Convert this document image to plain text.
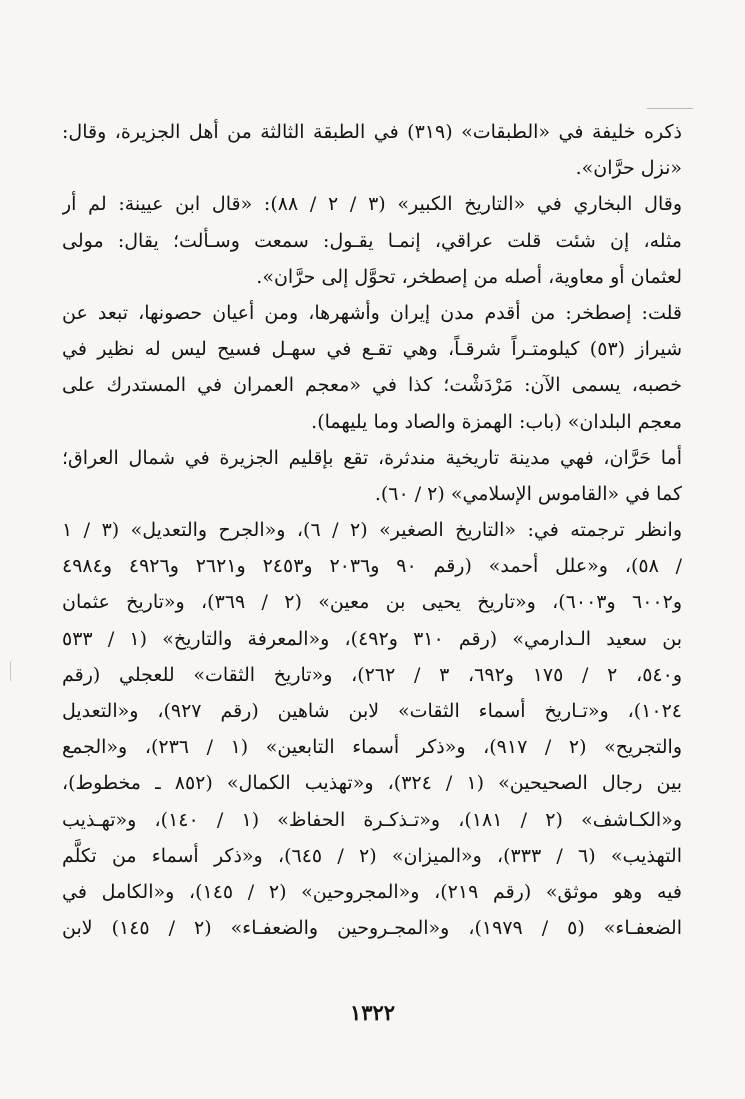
ذكره خليفة في «الطبقات» (٣١٩) في الطبقة الثالثة من أهل الجزيرة، وقال:
«نزل حرَّان».

وقال البخاري في «التاريخ الكبير» (٣ / ٢ / ٨٨): «قال ابن عيينة: لم أر
مثله، إن شئت قلت عراقي، إنمـا يقـول: سمعت وسـألت؛ يقال: مولى
لعثمان أو معاوية، أصله من إصطخر، تحوَّل إلى حرَّان».

قلت: إصطخر: من أقدم مدن إيران وأشهرها، ومن أعيان حصونها، تبعد عن
شيراز (٥٣) كيلومتـراً شرقـاً، وهي تقـع في سهـل فسيح ليس له نظير في
خصبه، يسمى الآن: مَرْدَشْت؛ كذا في «معجم العمران في المستدرك على
معجم البلدان» (باب: الهمزة والصاد وما يليهما).

أما حَرَّان، فهي مدينة تاريخية مندثرة، تقع بإقليم الجزيرة في شمال العراق؛
كما في «القاموس الإسلامي» (٢ / ٦٠).

وانظر ترجمته في: «التاريخ الصغير» (٢ / ٦)، و«الجرح والتعديل» (٣ / ١
/ ٥٨)، و«علل أحمد» (رقم ٩٠ و٢٠٣٦ و٢٤٥٣ و٢٦٢١ و٤٩٢٦ و٤٩٨٤
و٦٠٠٢ و٦٠٠٣)، و«تاريخ يحيى بن معين» (٢ / ٣٦٩)، و«تاريخ عثمان
بن سعيد الـدارمي» (رقم ٣١٠ و٤٩٢)، و«المعرفة والتاريخ» (١ / ٥٣٣
و٥٤٠، ٢ / ١٧٥ و٦٩٢، ٣ / ٢٦٢)، و«تاريخ الثقات» للعجلي (رقم
١٠٢٤)، و«تـاريخ أسماء الثقات» لابن شاهين (رقم ٩٢٧)، و«التعديل
والتجريح» (٢ / ٩١٧)، و«ذكر أسماء التابعين» (١ / ٢٣٦)، و«الجمع
بين رجال الصحيحين» (١ / ٣٢٤)، و«تهذيب الكمال» (٨٥٢ ـ مخطوط)،
و«الكـاشف» (٢ / ١٨١)، و«تـذكـرة الحفاظ» (١ / ١٤٠)، و«تهـذيب
التهذيب» (٦ / ٣٣٣)، و«الميزان» (٢ / ٦٤٥)، و«ذكر أسماء من تكلَّم
فيه وهو موثق» (رقم ٢١٩)، و«المجروحين» (٢ / ١٤٥)، و«الكامل في
الضعفـاء» (٥ / ١٩٧٩)، و«المجـروحين والضعفـاء» (٢ / ١٤٥) لابن

١٣٢٢
